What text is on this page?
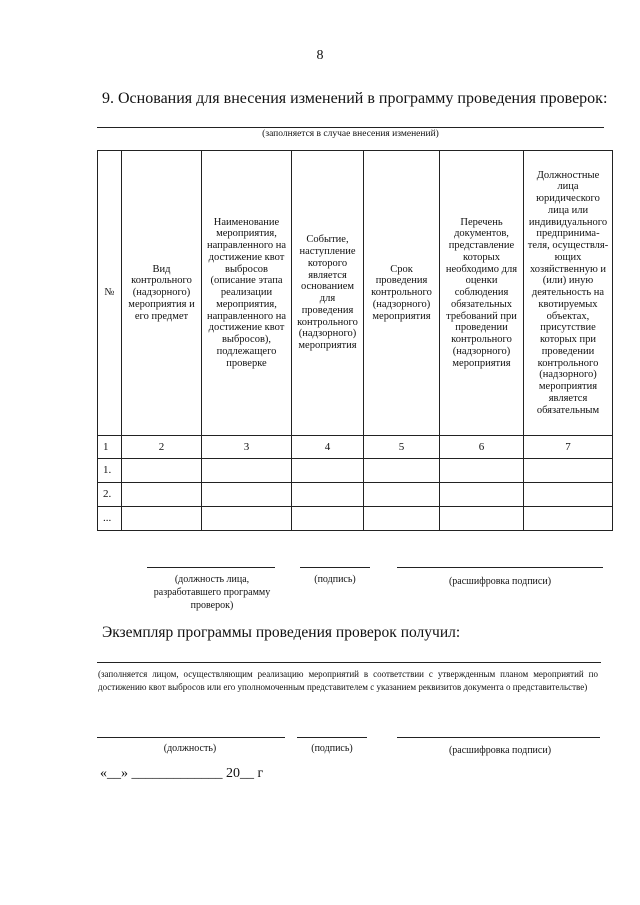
8
9. Основания для внесения изменений в программу проведения проверок:
(заполняется в случае внесения изменений)
№	Вид контрольного (надзорного) мероприятия и его предмет	Наименование мероприятия, направленного на достижение квот выбросов (описание этапа реализации мероприятия, направленного на достижение квот выбросов), подлежащего проверке	Событие, наступление которого является основанием для проведения контрольного (надзорного) мероприятия	Срок проведения контрольного (надзорного) мероприятия	Перечень документов, представление которых необходимо для оценки соблюдения обязательных требований при проведении контрольного (надзорного) мероприятия	Должностные лица юридического лица или индивидуального предпринима-теля, осуществля-ющих хозяйственную и (или) иную деятельность на квотируемых объектах, присутствие которых при проведении контрольного (надзорного) мероприятия является обязательным
1	2	3	4	5	6	7
1.						
2.						
...						
(должность лица, разработавшего программу проверок)
(подпись)	(расшифровка подписи)
Экземпляр программы проведения проверок получил:
(заполняется лицом, осуществляющим реализацию мероприятий в соответствии с утвержденным планом мероприятий по достижению квот выбросов или его уполномоченным представителем с указанием реквизитов документа о представительстве)
(должность)	(подпись)	(расшифровка подписи)
«__» _____________ 20__ г
